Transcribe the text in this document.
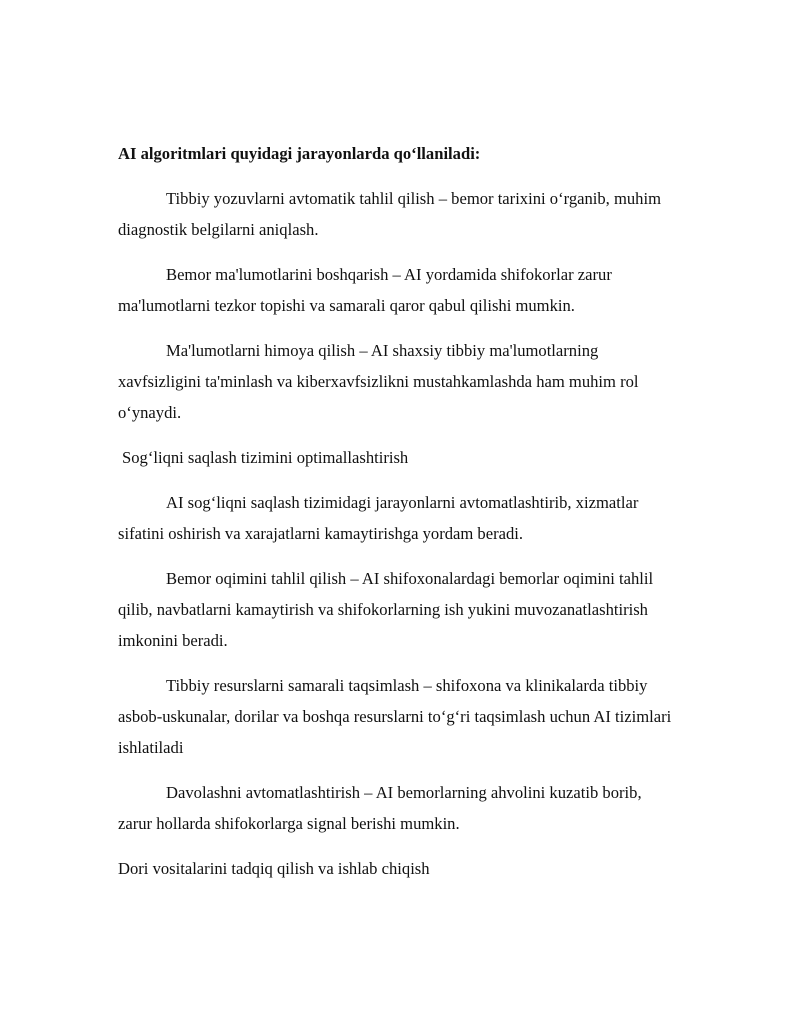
AI algoritmlari quyidagi jarayonlarda qo‘llaniladi:

Tibbiy yozuvlarni avtomatik tahlil qilish – bemor tarixini o‘rganib, muhim diagnostik belgilarni aniqlash.

Bemor ma'lumotlarini boshqarish – AI yordamida shifokorlar zarur ma'lumotlarni tezkor topishi va samarali qaror qabul qilishi mumkin.

Ma'lumotlarni himoya qilish – AI shaxsiy tibbiy ma'lumotlarning xavfsizligini ta'minlash va kiberxavfsizlikni mustahkamlashda ham muhim rol o‘ynaydi.

Sog‘liqni saqlash tizimini optimallashtirish

AI sog‘liqni saqlash tizimidagi jarayonlarni avtomatlashtirib, xizmatlar sifatini oshirish va xarajatlarni kamaytirishga yordam beradi.

Bemor oqimini tahlil qilish – AI shifoxonalardagi bemorlar oqimini tahlil qilib, navbatlarni kamaytirish va shifokorlarning ish yukini muvozanatlashtirish imkonini beradi.

Tibbiy resurslarni samarali taqsimlash – shifoxona va klinikalarda tibbiy asbob-uskunalar, dorilar va boshqa resurslarni to‘g‘ri taqsimlash uchun AI tizimlari ishlatiladi

Davolashni avtomatlashtirish – AI bemorlarning ahvolini kuzatib borib, zarur hollarda shifokorlarga signal berishi mumkin.

Dori vositalarini tadqiq qilish va ishlab chiqish
